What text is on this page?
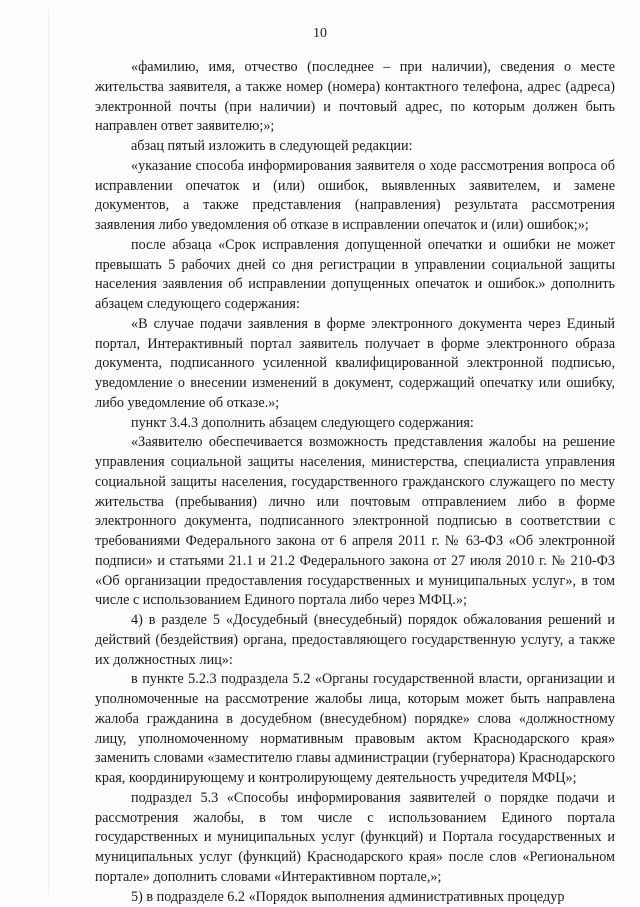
10

«фамилию, имя, отчество (последнее – при наличии), сведения о месте жительства заявителя, а также номер (номера) контактного телефона, адрес (адреса) электронной почты (при наличии) и почтовый адрес, по которым должен быть направлен ответ заявителю;»;

абзац пятый изложить в следующей редакции:

«указание способа информирования заявителя о ходе рассмотрения вопроса об исправлении опечаток и (или) ошибок, выявленных заявителем, и замене документов, а также представления (направления) результата рассмотрения заявления либо уведомления об отказе в исправлении опечаток и (или) ошибок;»;

после абзаца «Срок исправления допущенной опечатки и ошибки не может превышать 5 рабочих дней со дня регистрации в управлении социальной защиты населения заявления об исправлении допущенных опечаток и ошибок.» дополнить абзацем следующего содержания:

«В случае подачи заявления в форме электронного документа через Единый портал, Интерактивный портал заявитель получает в форме электронного образа документа, подписанного усиленной квалифицированной электронной подписью, уведомление о внесении изменений в документ, содержащий опечатку или ошибку, либо уведомление об отказе.»;

пункт 3.4.3 дополнить абзацем следующего содержания:

«Заявителю обеспечивается возможность представления жалобы на решение управления социальной защиты населения, министерства, специалиста управления социальной защиты населения, государственного гражданского служащего по месту жительства (пребывания) лично или почтовым отправлением либо в форме электронного документа, подписанного электронной подписью в соответствии с требованиями Федерального закона от 6 апреля 2011 г. № 63-ФЗ «Об электронной подписи» и статьями 21.1 и 21.2 Федерального закона от 27 июля 2010 г. № 210-ФЗ «Об организации предоставления государственных и муниципальных услуг», в том числе с использованием Единого портала либо через МФЦ.»;

4) в разделе 5 «Досудебный (внесудебный) порядок обжалования решений и действий (бездействия) органа, предоставляющего государственную услугу, а также их должностных лиц»:

в пункте 5.2.3 подраздела 5.2 «Органы государственной власти, организации и уполномоченные на рассмотрение жалобы лица, которым может быть направлена жалоба гражданина в досудебном (внесудебном) порядке» слова «должностному лицу, уполномоченному нормативным правовым актом Краснодарского края» заменить словами «заместителю главы администрации (губернатора) Краснодарского края, координирующему и контролирующему деятельность учредителя МФЦ»;

подраздел 5.3 «Способы информирования заявителей о порядке подачи и рассмотрения жалобы, в том числе с использованием Единого портала государственных и муниципальных услуг (функций) и Портала государственных и муниципальных услуг (функций) Краснодарского края» после слов «Региональном портале» дополнить словами «Интерактивном портале,»;

5) в подразделе 6.2 «Порядок выполнения административных процедур
